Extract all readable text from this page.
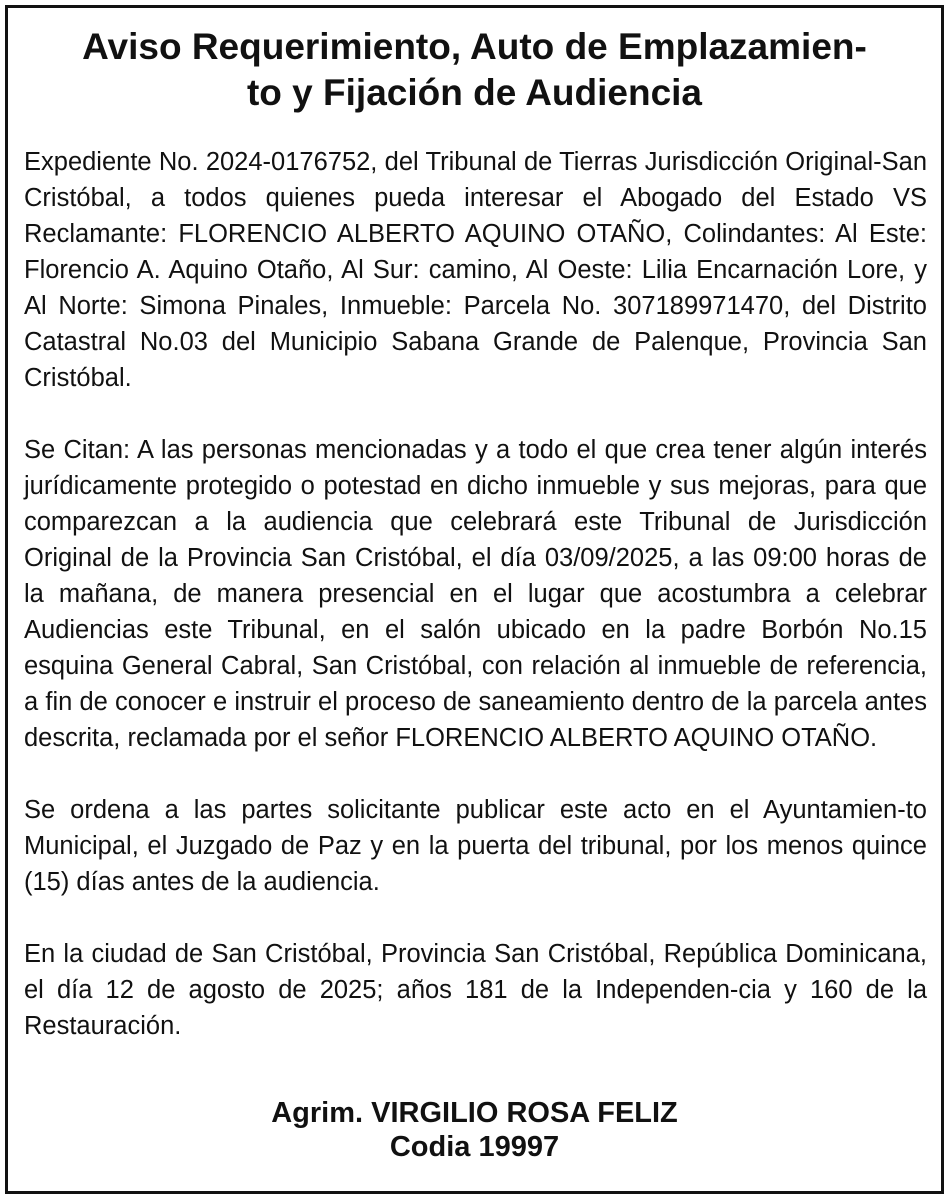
Aviso Requerimiento, Auto de Emplazamien-
to y Fijación de Audiencia

Expediente No. 2024-0176752, del Tribunal de Tierras Jurisdicción Original-San Cristóbal, a todos quienes pueda interesar el Abogado del Estado VS Reclamante: FLORENCIO ALBERTO AQUINO OTAÑO, Colindantes: Al Este: Florencio A. Aquino Otaño, Al Sur: camino, Al Oeste: Lilia Encarnación Lore, y Al Norte: Simona Pinales, Inmueble: Parcela No. 307189971470, del Distrito Catastral No.03 del Municipio Sabana Grande de Palenque, Provincia San Cristóbal.

Se Citan: A las personas mencionadas y a todo el que crea tener algún interés jurídicamente protegido o potestad en dicho inmueble y sus mejoras, para que comparezcan a la audiencia que celebrará este Tribunal de Jurisdicción Original de la Provincia San Cristóbal, el día 03/09/2025, a las 09:00 horas de la mañana, de manera presencial en el lugar que acostumbra a celebrar Audiencias este Tribunal, en el salón ubicado en la padre Borbón No.15 esquina General Cabral, San Cristóbal, con relación al inmueble de referencia, a fin de conocer e instruir el proceso de saneamiento dentro de la parcela antes descrita, reclamada por el señor FLORENCIO ALBERTO AQUINO OTAÑO.

Se ordena a las partes solicitante publicar este acto en el Ayuntamien-to Municipal, el Juzgado de Paz y en la puerta del tribunal, por los menos quince (15) días antes de la audiencia.

En la ciudad de San Cristóbal, Provincia San Cristóbal, República Dominicana, el día 12 de agosto de 2025; años 181 de la Independen-cia y 160 de la Restauración.

Agrim. VIRGILIO ROSA FELIZ
Codia 19997
